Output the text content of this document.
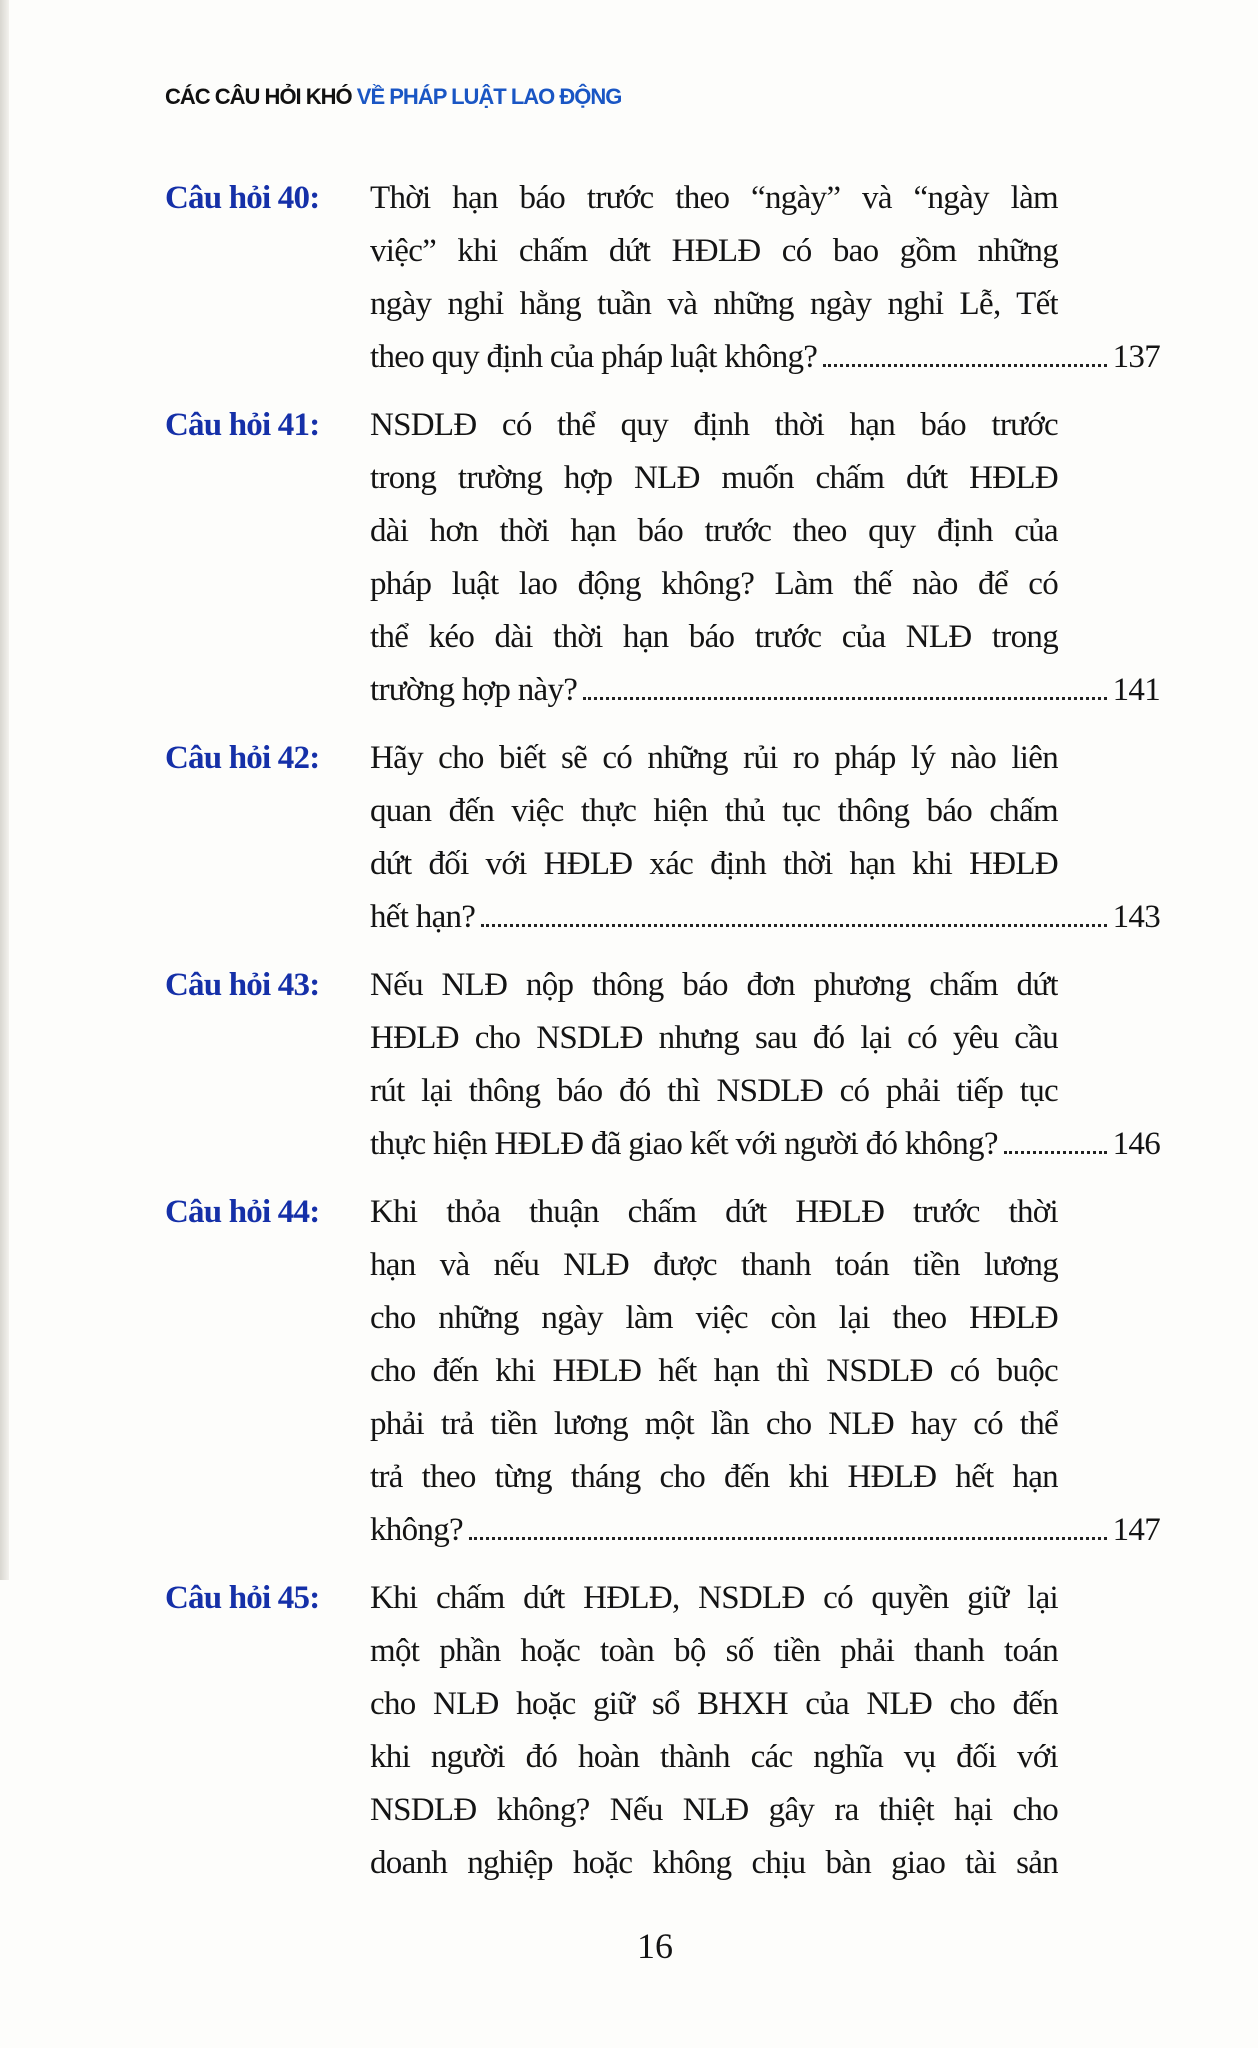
CÁC CÂU HỎI KHÓ VỀ PHÁP LUẬT LAO ĐỘNG
Câu hỏi 40:	Thời hạn báo trước theo “ngày” và “ngày làm
việc” khi chấm dứt HĐLĐ có bao gồm những
ngày nghỉ hằng tuần và những ngày nghỉ Lễ, Tết
theo quy định của pháp luật không?	137
Câu hỏi 41:	NSDLĐ có thể quy định thời hạn báo trước
trong trường hợp NLĐ muốn chấm dứt HĐLĐ
dài hơn thời hạn báo trước theo quy định của
pháp luật lao động không? Làm thế nào để có
thể kéo dài thời hạn báo trước của NLĐ trong
trường hợp này?	141
Câu hỏi 42:	Hãy cho biết sẽ có những rủi ro pháp lý nào liên
quan đến việc thực hiện thủ tục thông báo chấm
dứt đối với HĐLĐ xác định thời hạn khi HĐLĐ
hết hạn?	143
Câu hỏi 43:	Nếu NLĐ nộp thông báo đơn phương chấm dứt
HĐLĐ cho NSDLĐ nhưng sau đó lại có yêu cầu
rút lại thông báo đó thì NSDLĐ có phải tiếp tục
thực hiện HĐLĐ đã giao kết với người đó không?	146
Câu hỏi 44:	Khi thỏa thuận chấm dứt HĐLĐ trước thời
hạn và nếu NLĐ được thanh toán tiền lương
cho những ngày làm việc còn lại theo HĐLĐ
cho đến khi HĐLĐ hết hạn thì NSDLĐ có buộc
phải trả tiền lương một lần cho NLĐ hay có thể
trả theo từng tháng cho đến khi HĐLĐ hết hạn
không?	147
Câu hỏi 45:	Khi chấm dứt HĐLĐ, NSDLĐ có quyền giữ lại
một phần hoặc toàn bộ số tiền phải thanh toán
cho NLĐ hoặc giữ sổ BHXH của NLĐ cho đến
khi người đó hoàn thành các nghĩa vụ đối với
NSDLĐ không? Nếu NLĐ gây ra thiệt hại cho
doanh nghiệp hoặc không chịu bàn giao tài sản
16
